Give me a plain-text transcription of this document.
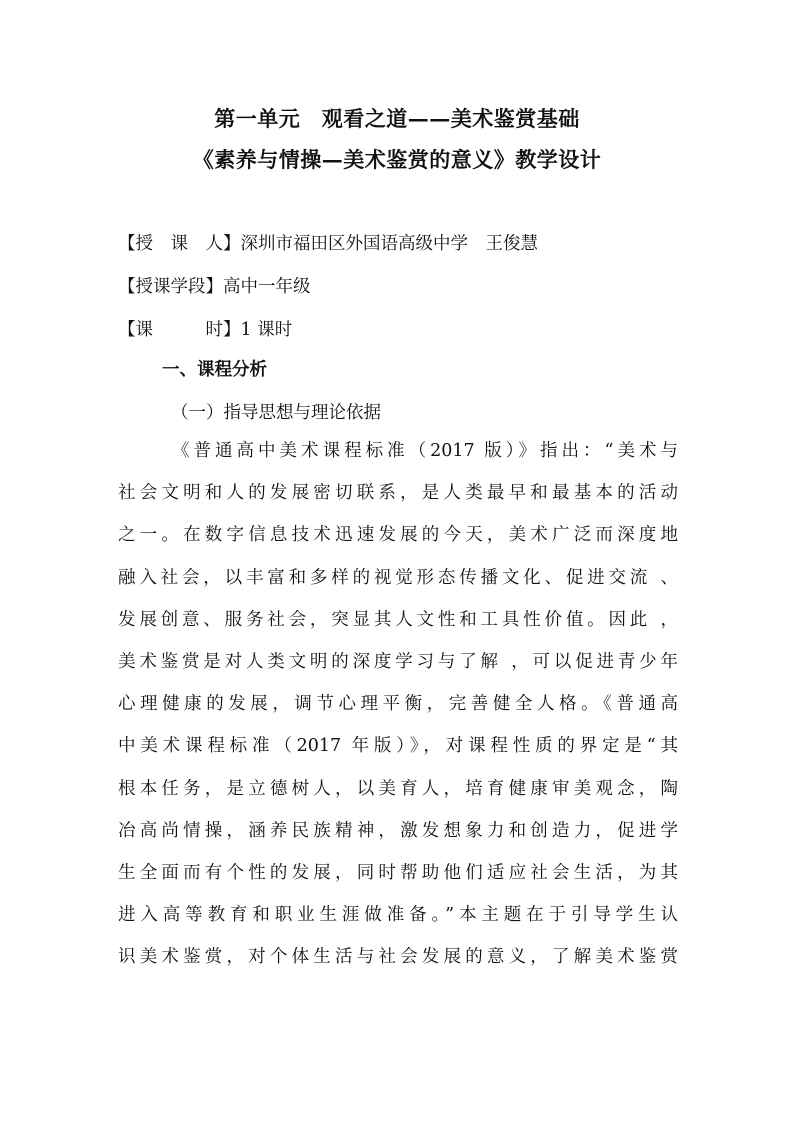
第一单元　观看之道——美术鉴赏基础
《素养与情操—美术鉴赏的意义》教学设计
【授　课　人】深圳市福田区外国语高级中学　王俊慧
【授课学段】高中一年级
【课　　　时】1 课时
一、课程分析
（一）指导思想与理论依据
《普通高中美术课程标准（2017 版）》指出：“美术与
社会文明和人的发展密切联系，是人类最早和最基本的活动
之一。在数字信息技术迅速发展的今天，美术广泛而深度地
融入社会，以丰富和多样的视觉形态传播文化、促进交流 、
发展创意、服务社会，突显其人文性和工具性价值。因此 ，
美术鉴赏是对人类文明的深度学习与了解 ，可以促进青少年
心理健康的发展，调节心理平衡，完善健全人格。《普通高
中美术课程标准（2017 年版）》，对课程性质的界定是“其
根本任务，是立德树人，以美育人，培育健康审美观念，陶
冶高尚情操，涵养民族精神，激发想象力和创造力，促进学
生全面而有个性的发展，同时帮助他们适应社会生活，为其
进入高等教育和职业生涯做准备。”本主题在于引导学生认
识美术鉴赏，对个体生活与社会发展的意义，了解美术鉴赏
